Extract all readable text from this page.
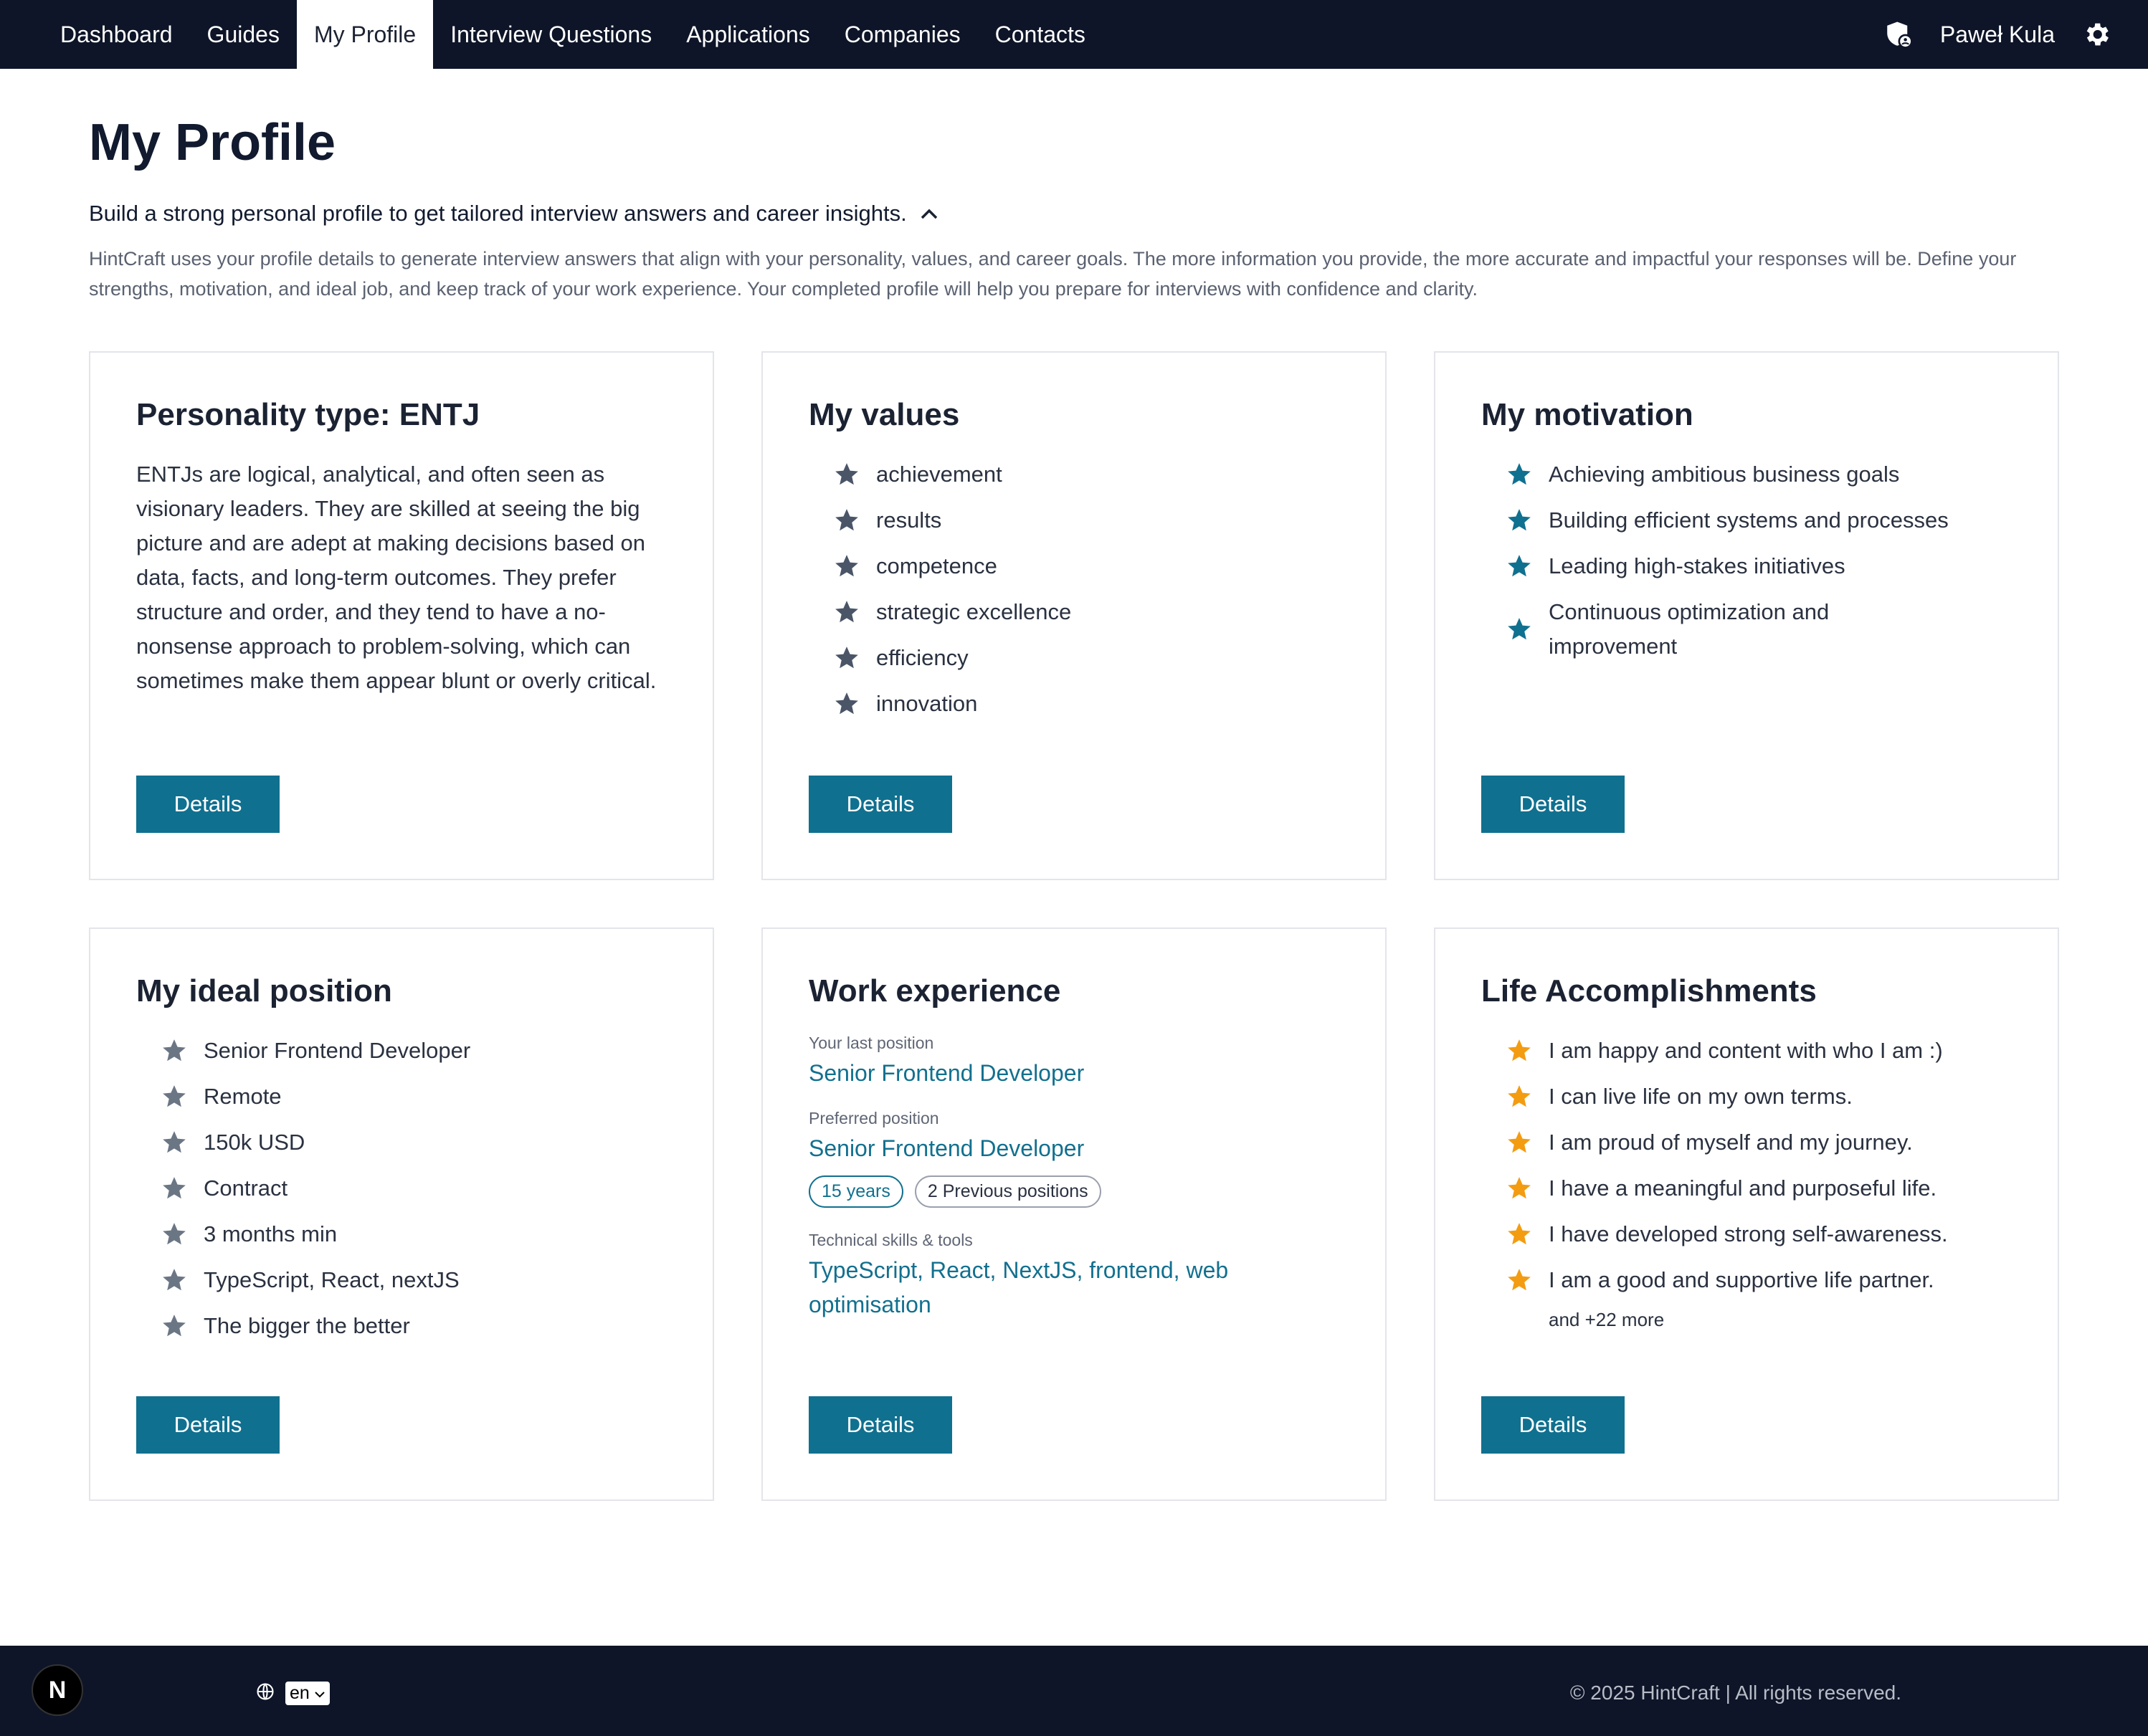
Dashboard	Guides	My Profile	Interview Questions	Applications	Companies	Contacts	Paweł Kula
My Profile
Build a strong personal profile to get tailored interview answers and career insights.

HintCraft uses your profile details to generate interview answers that align with your personality, values, and career goals. The more information you provide, the more accurate and impactful your responses will be. Define your strengths, motivation, and ideal job, and keep track of your work experience. Your completed profile will help you prepare for interviews with confidence and clarity.

Personality type: ENTJ

ENTJs are logical, analytical, and often seen as visionary leaders. They are skilled at seeing the big picture and are adept at making decisions based on data, facts, and long-term outcomes. They prefer structure and order, and they tend to have a no-nonsense approach to problem-solving, which can sometimes make them appear blunt or overly critical.

Details
My values
achievement
results
competence
strategic excellence
efficiency
innovation
Details
My motivation
Achieving ambitious business goals
Building efficient systems and processes
Leading high-stakes initiatives
Continuous optimization and improvement
Details
My ideal position
Senior Frontend Developer
Remote
150k USD
Contract
3 months min
TypeScript, React, nextJS
The bigger the better
Details
Work experience
Your last position
Senior Frontend Developer
Preferred position
Senior Frontend Developer
15 years	2 Previous positions
Technical skills & tools
TypeScript, React, NextJS, frontend, web optimisation
Details
Life Accomplishments
I am happy and content with who I am :)
I can live life on my own terms.
I am proud of myself and my journey.
I have a meaningful and purposeful life.
I have developed strong self-awareness.
I am a good and supportive life partner.
and +22 more
Details
N	en	© 2025 HintCraft | All rights reserved.
